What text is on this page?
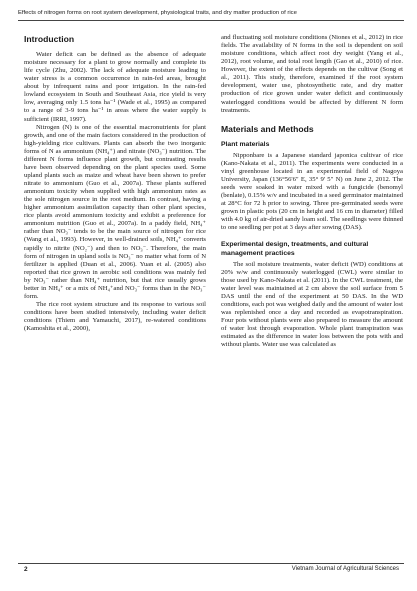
Effects of nitrogen forms on root system development, physiological traits, and dry matter production of rice
Introduction

Water deficit can be defined as the absence of adequate moisture necessary for a plant to grow normally and complete its life cycle (Zhu, 2002). The lack of adequate moisture leading to water stress is a common occurrence in rain-fed areas, brought about by infrequent rains and poor irrigation. In the rain-fed lowland ecosystem in South and Southeast Asia, rice yield is very low, averaging only 1.5 tons ha⁻¹ (Wade et al., 1995) as compared to a range of 3-9 tons ha⁻¹ in areas where the water supply is sufficient (IRRI, 1997).

Nitrogen (N) is one of the essential macronutrients for plant growth, and one of the main factors considered in the production of high-yielding rice cultivars. Plants can absorb the two inorganic forms of N as ammonium (NH₄⁺) and nitrate (NO₃⁻) nutrition. The different N forms influence plant growth, but contrasting results have been observed depending on the plant species used. Some upland plants such as maize and wheat have been shown to prefer nitrate to ammonium (Guo et al., 2007a). These plants suffered ammonium toxicity when supplied with high ammonium rates as the sole nitrogen source in the root medium. In contrast, having a higher ammonium assimilation capacity than other plant species, rice plants avoid ammonium toxicity and exhibit a preference for ammonium nutrition (Guo et al., 2007a). In a paddy field, NH₄⁺ rather than NO₃⁻ tends to be the main source of nitrogen for rice (Wang et al., 1993). However, in well-drained soils, NH₄⁺ converts rapidly to nitrite (NO₂⁻) and then to NO₃⁻. Therefore, the main form of nitrogen in upland soils is NO₃⁻ no matter what form of N fertilizer is applied (Duan et al., 2006). Yuan et al. (2005) also reported that rice grown in aerobic soil conditions was mainly fed by NO₃⁻ rather than NH₄⁺ nutrition, but that rice usually grows better in NH₄⁺ or a mix of NH₄⁺and NO₃⁻ forms than in the NO₃⁻ form.

The rice root system structure and its response to various soil conditions have been studied intensively, including water deficit conditions (Thiem and Yamauchi, 2017), re-watered conditions (Kamoshita et al., 2000),

and fluctuating soil moisture conditions (Niones et al., 2012) in rice fields. The availability of N forms in the soil is dependent on soil moisture conditions, which affect root dry weight (Yang et al., 2012), root volume, and total root length (Gao et al., 2010) of rice. However, the extent of the effects depends on the cultivar (Song et al., 2011). This study, therefore, examined if the root system development, water use, photosynthetic rate, and dry matter production of rice grown under water deficit and continuously waterlogged conditions would be affected by different N form treatments.

Materials and Methods
Plant materials

Nipponbare is a Japanese standard japonica cultivar of rice (Kano-Nakata et al., 2011). The experiments were conducted in a vinyl greenhouse located in an experimental field of Nagoya University, Japan (136°56'6" E, 35° 9' 5" N) on June 2, 2012. The seeds were soaked in water mixed with a fungicide (benomyl (benlate), 0.15% w/v and incubated in a seed germinator maintained at 28°C for 72 h prior to sowing. Three pre-germinated seeds were grown in plastic pots (20 cm in height and 16 cm in diameter) filled with 4.0 kg of air-dried sandy loam soil. The seedlings were thinned to one seedling per pot at 3 days after sowing (DAS).

Experimental design, treatments, and cultural management practices

The soil moisture treatments, water deficit (WD) conditions at 20% w/w and continuously waterlogged (CWL) were similar to those used by Kano-Nakata et al. (2011). In the CWL treatment, the water level was maintained at 2 cm above the soil surface from 5 DAS until the end of the experiment at 50 DAS. In the WD conditions, each pot was weighed daily and the amount of water lost was replenished once a day and recorded as evapotranspiration. Four pots without plants were also prepared to measure the amount of water lost through evaporation. Whole plant transpiration was estimated as the difference in water loss between the pots with and without plants. Water use was calculated as

2	Vietnam Journal of Agricultural Sciences
